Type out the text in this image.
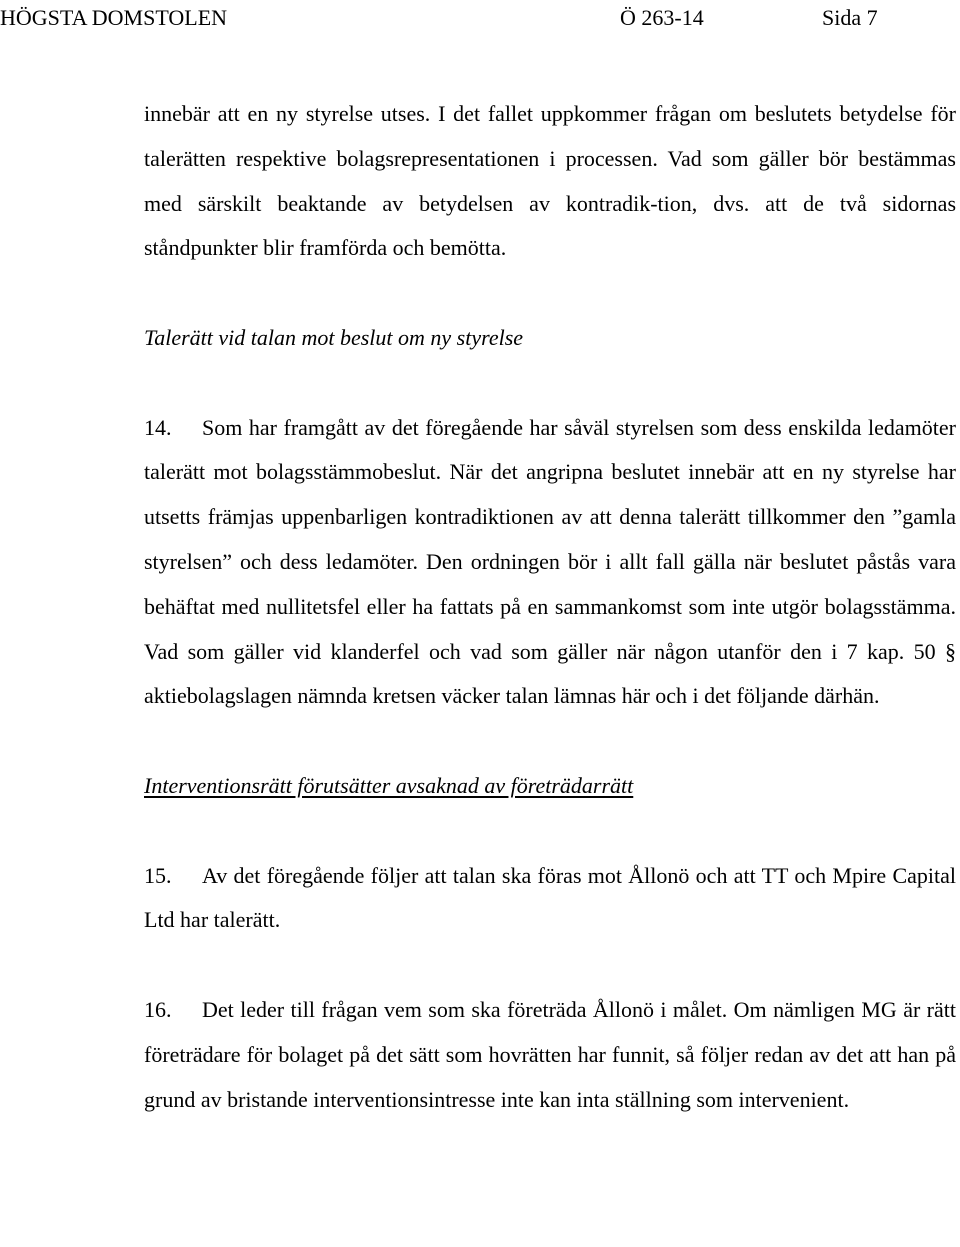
HÖGSTA DOMSTOLEN	Ö 263-14	Sida 7

innebär att en ny styrelse utses. I det fallet uppkommer frågan om beslutets betydelse för talerätten respektive bolagsrepresentationen i processen. Vad som gäller bör bestämmas med särskilt beaktande av betydelsen av kontradik-tion, dvs. att de två sidornas ståndpunkter blir framförda och bemötta.

Talerätt vid talan mot beslut om ny styrelse

14. Som har framgått av det föregående har såväl styrelsen som dess enskilda ledamöter talerätt mot bolagsstämmobeslut. När det angripna beslutet innebär att en ny styrelse har utsetts främjas uppenbarligen kontradiktionen av att denna talerätt tillkommer den ”gamla styrelsen” och dess ledamöter. Den ordningen bör i allt fall gälla när beslutet påstås vara behäftat med nullitetsfel eller ha fattats på en sammankomst som inte utgör bolagsstämma. Vad som gäller vid klanderfel och vad som gäller när någon utanför den i 7 kap. 50 § aktiebolagslagen nämnda kretsen väcker talan lämnas här och i det följande därhän.

Interventionsrätt förutsätter avsaknad av företrädarrätt

15. Av det föregående följer att talan ska föras mot Ållonö och att TT och Mpire Capital Ltd har talerätt.

16. Det leder till frågan vem som ska företräda Ållonö i målet. Om nämligen MG är rätt företrädare för bolaget på det sätt som hovrätten har funnit, så följer redan av det att han på grund av bristande interventionsintresse inte kan inta ställning som intervenient.
